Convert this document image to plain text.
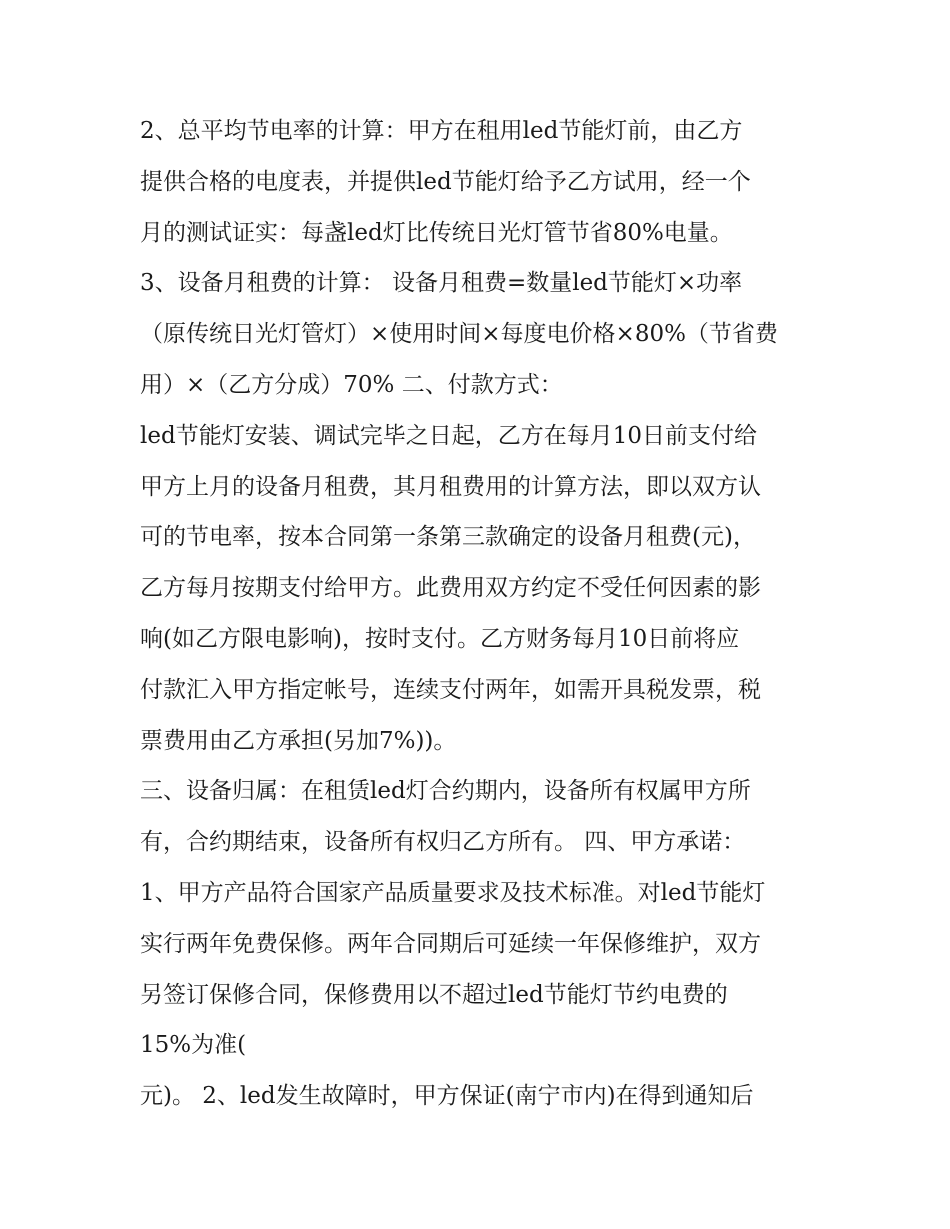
2、总平均节电率的计算：甲方在租用led节能灯前，由乙方
提供合格的电度表，并提供led节能灯给予乙方试用，经一个
月的测试证实：每盏led灯比传统日光灯管节省80%电量。
3、设备月租费的计算： 设备月租费=数量led节能灯×功率
（原传统日光灯管灯）×使用时间×每度电价格×80%（节省费
用）×（乙方分成）70% 二、付款方式：
led节能灯安装、调试完毕之日起，乙方在每月10日前支付给
甲方上月的设备月租费，其月租费用的计算方法，即以双方认
可的节电率，按本合同第一条第三款确定的设备月租费(元)，
乙方每月按期支付给甲方。此费用双方约定不受任何因素的影
响(如乙方限电影响)，按时支付。乙方财务每月10日前将应
付款汇入甲方指定帐号，连续支付两年，如需开具税发票，税
票费用由乙方承担(另加7%))。
三、设备归属：在租赁led灯合约期内，设备所有权属甲方所
有，合约期结束，设备所有权归乙方所有。 四、甲方承诺：
1、甲方产品符合国家产品质量要求及技术标准。对led节能灯
实行两年免费保修。两年合同期后可延续一年保修维护，双方
另签订保修合同，保修费用以不超过led节能灯节约电费的
15%为准(
元)。 2、led发生故障时，甲方保证(南宁市内)在得到通知后
